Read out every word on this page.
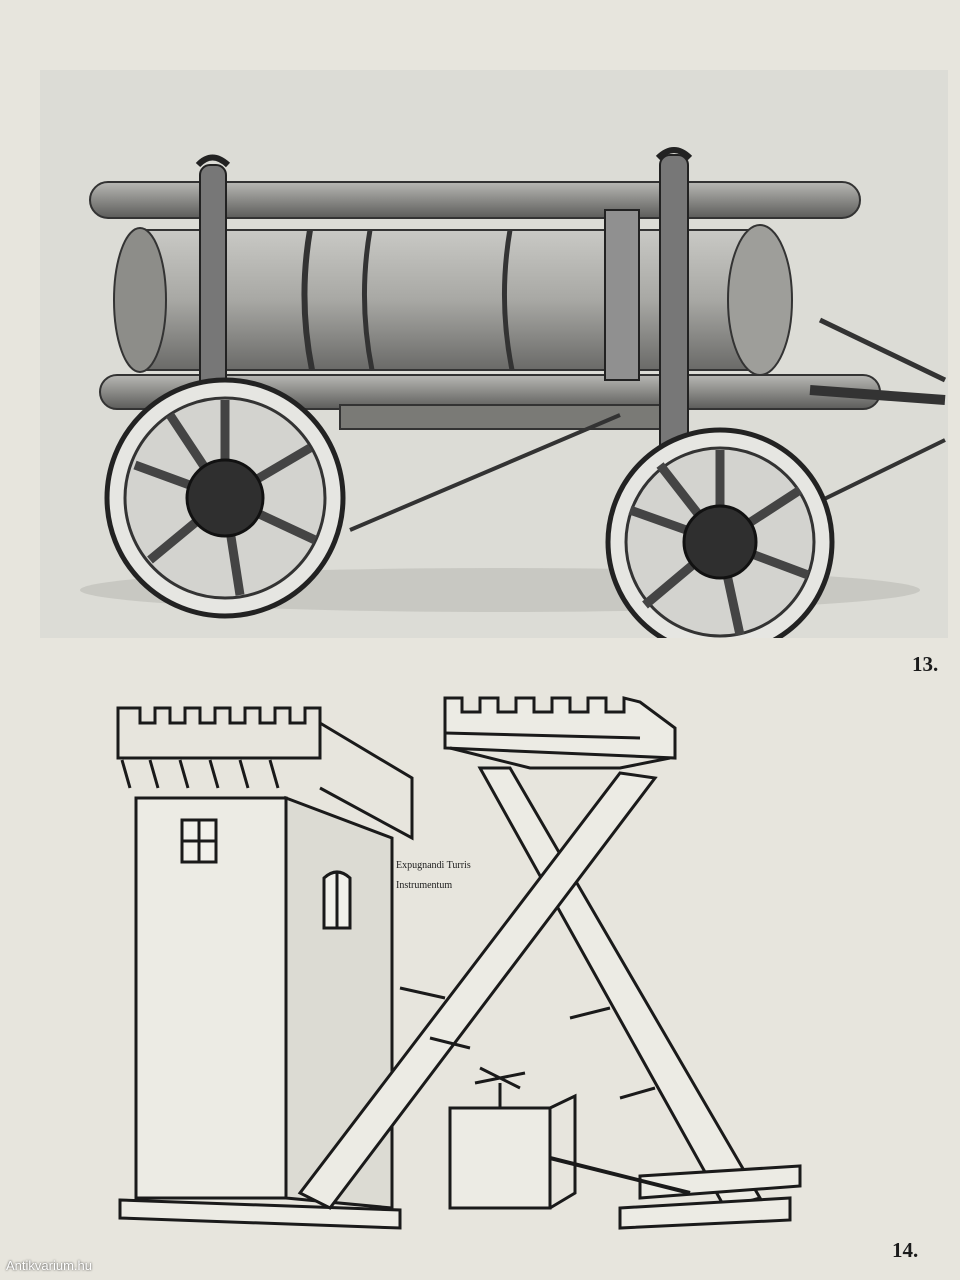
13.
Expugnandi Turris
Instrumentum
14.
Antikvarium.hu
